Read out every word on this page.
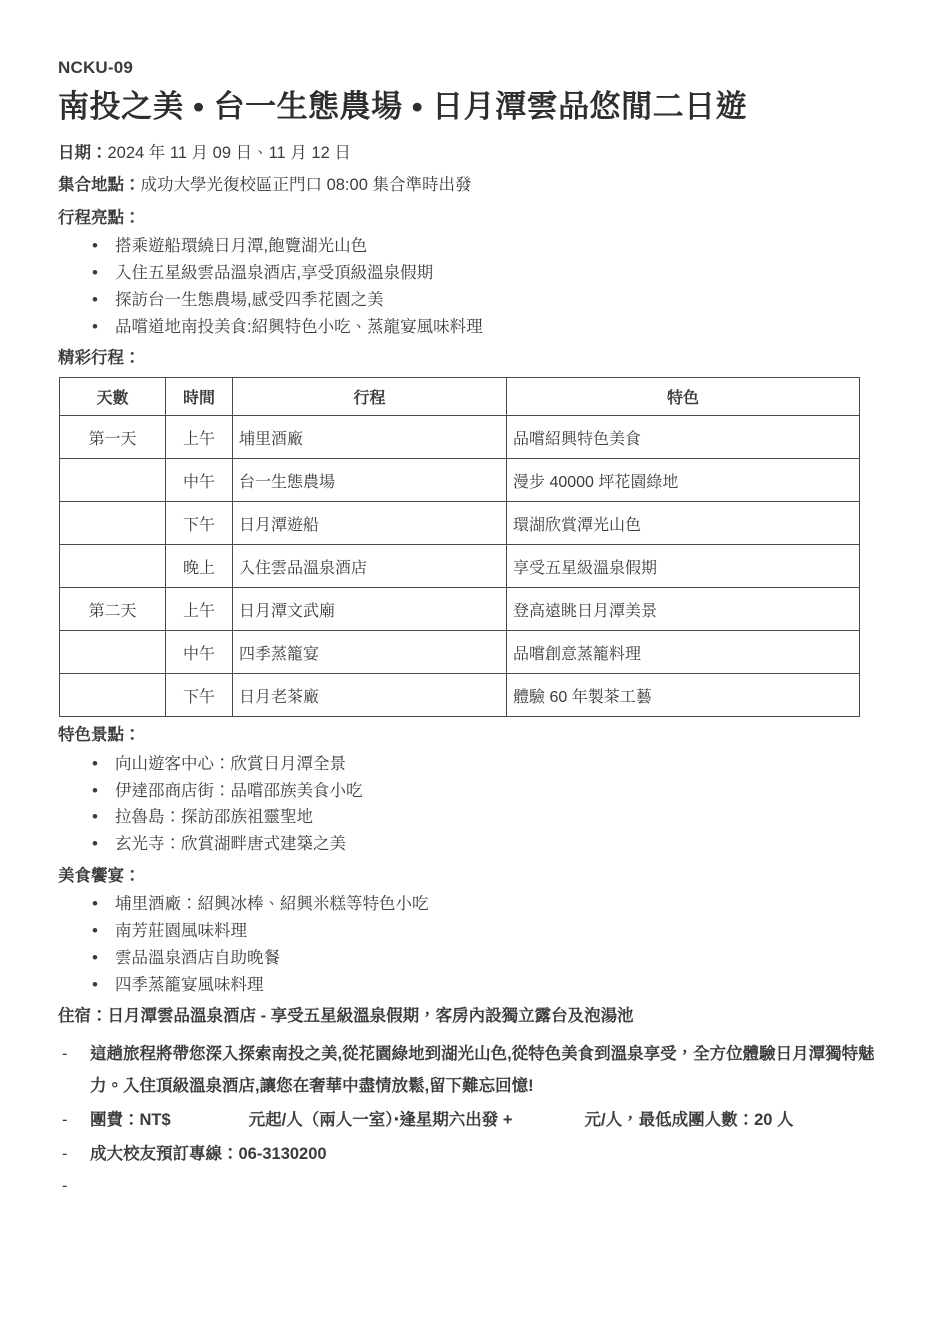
NCKU-09
南投之美 • 台一生態農場 • 日月潭雲品悠閒二日遊

日期：2024 年 11 月 09 日、11 月 12 日

集合地點：成功大學光復校區正門口 08:00 集合準時出發

行程亮點：
• 搭乘遊船環繞日月潭,飽覽湖光山色
• 入住五星級雲品溫泉酒店,享受頂級溫泉假期
• 探訪台一生態農場,感受四季花園之美
• 品嚐道地南投美食:紹興特色小吃、蒸龍宴風味料理
精彩行程：
天數	時間	行程	特色
第一天	上午	埔里酒廠	品嚐紹興特色美食
	中午	台一生態農場	漫步 40000 坪花園綠地
	下午	日月潭遊船	環湖欣賞潭光山色
	晚上	入住雲品溫泉酒店	享受五星級溫泉假期
第二天	上午	日月潭文武廟	登高遠眺日月潭美景
	中午	四季蒸籠宴	品嚐創意蒸籠料理
	下午	日月老茶廠	體驗 60 年製茶工藝
特色景點：
• 向山遊客中心：欣賞日月潭全景
• 伊達邵商店街：品嚐邵族美食小吃
• 拉魯島：探訪邵族祖靈聖地
• 玄光寺：欣賞湖畔唐式建築之美
美食饗宴：
• 埔里酒廠：紹興冰棒、紹興米糕等特色小吃
• 南芳莊園風味料理
• 雲品溫泉酒店自助晚餐
• 四季蒸籠宴風味料理
住宿：日月潭雲品溫泉酒店 - 享受五星級溫泉假期，客房內設獨立露台及泡湯池
- 這趟旅程將帶您深入探索南投之美,從花園綠地到湖光山色,從特色美食到溫泉享受，全方位體驗日月潭獨特魅力。入住頂級溫泉酒店,讓您在奢華中盡情放鬆,留下難忘回憶!
- 團費：NT$	元起/人（兩人一室）‧逢星期六出發 +	元/人，最低成團人數：20 人
- 成大校友預訂專線：06-3130200
-
